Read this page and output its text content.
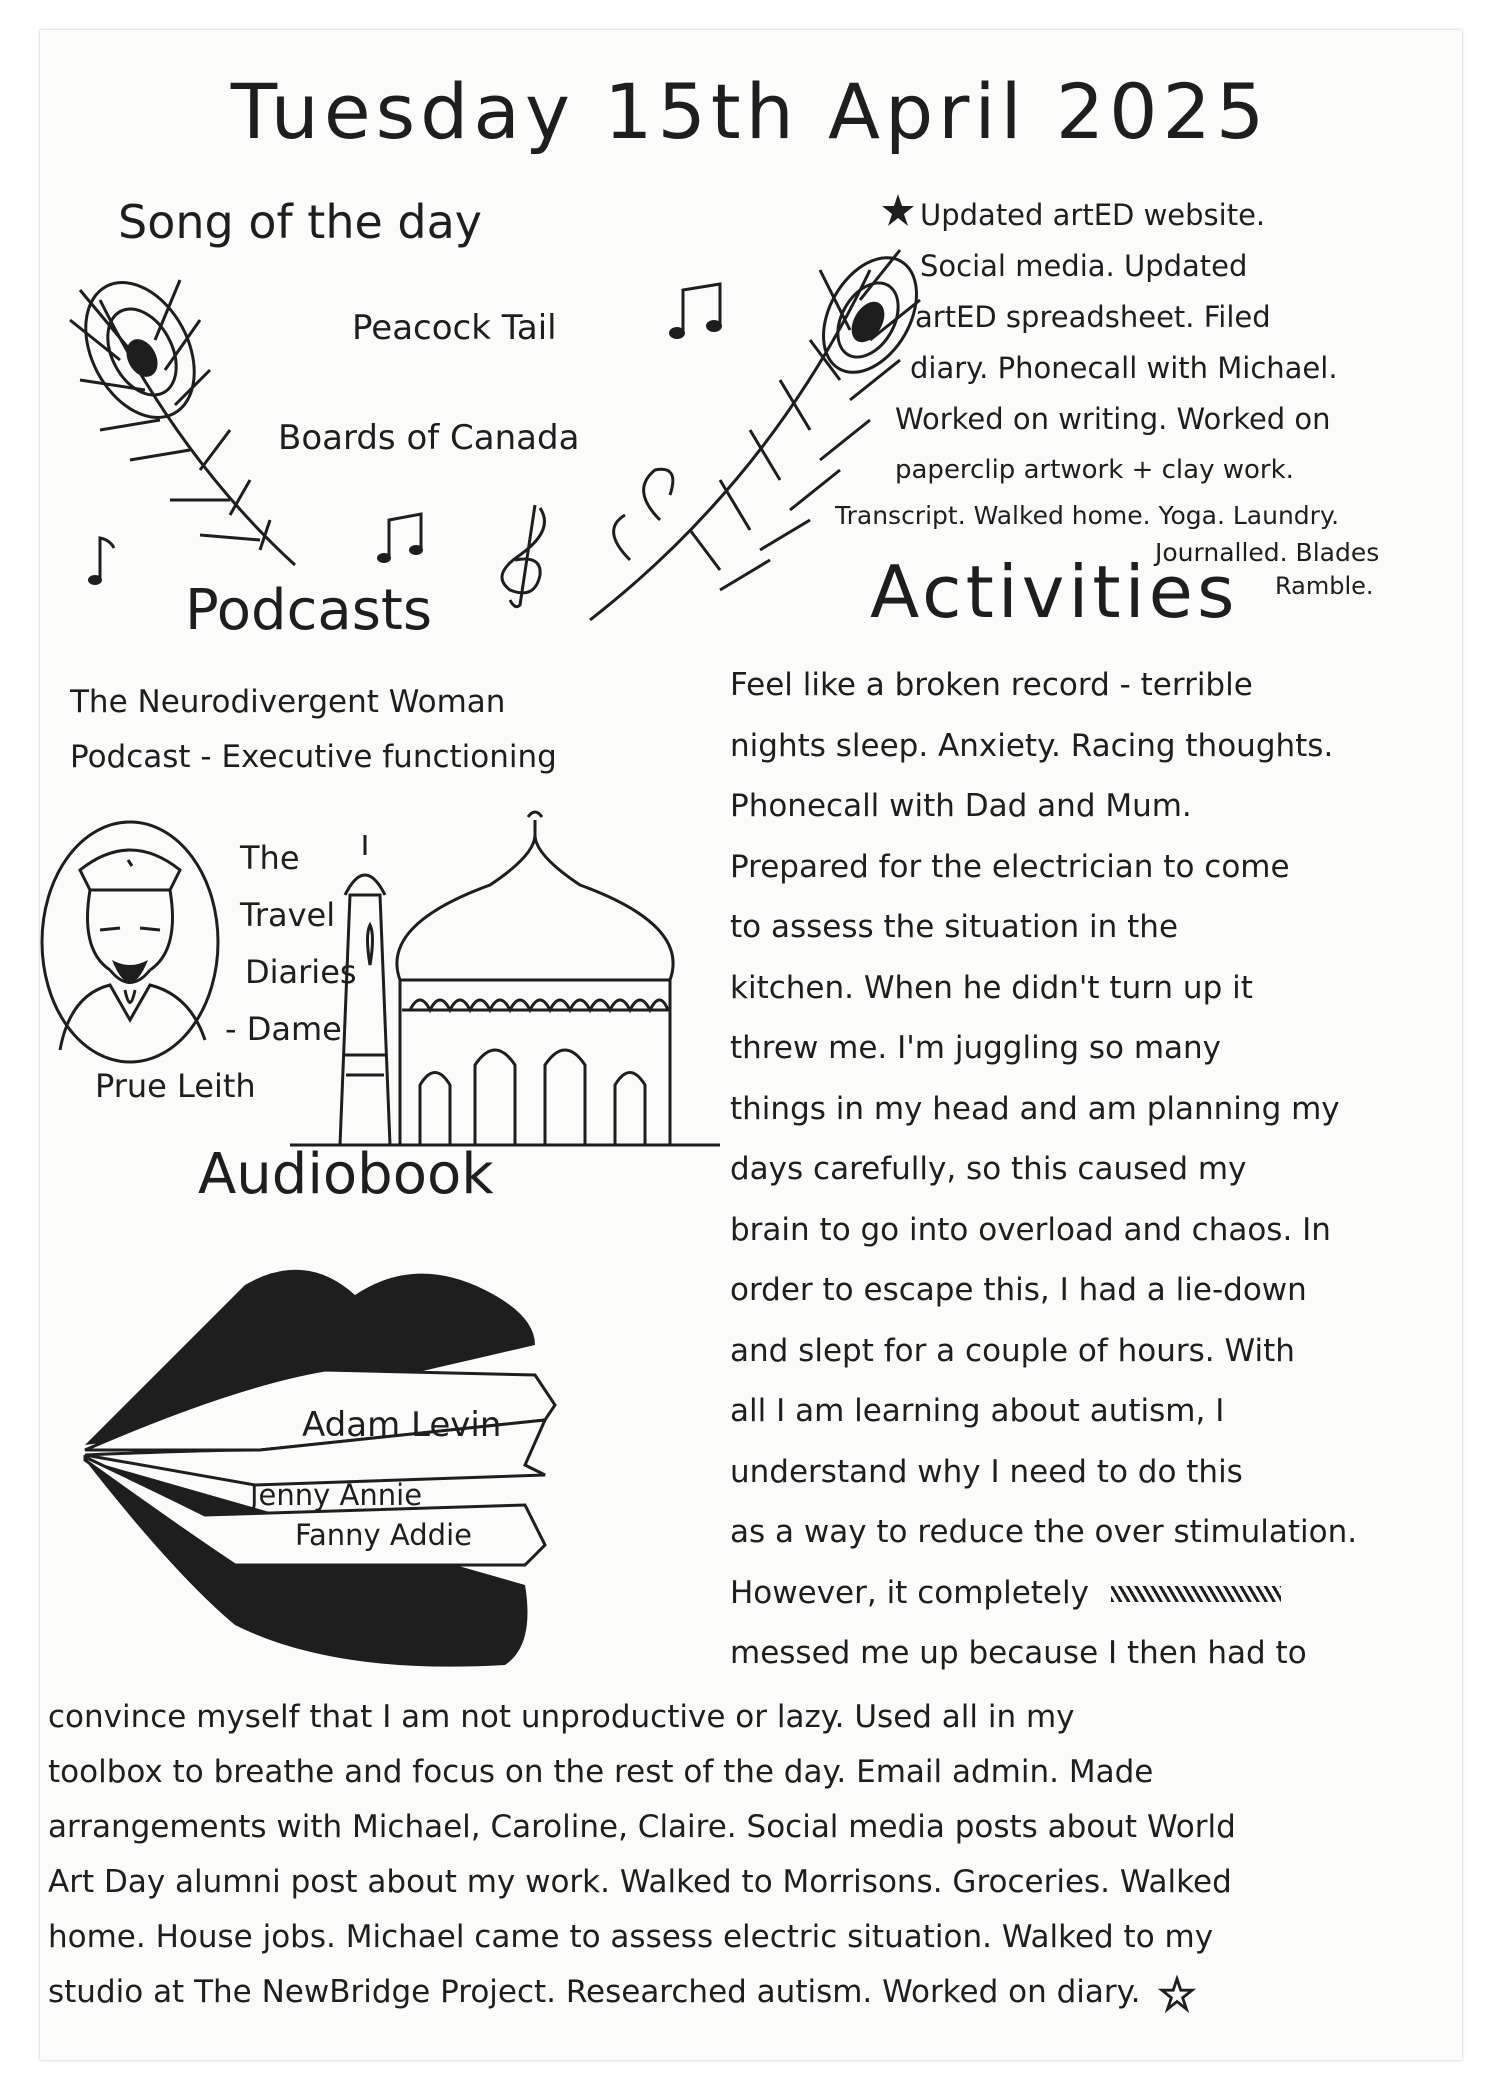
Tuesday 15th April 2025
Song of the day
Peacock Tail
Boards of Canada
Updated artED website.
Social media. Updated
artED spreadsheet. Filed
diary. Phonecall with Michael.
Worked on writing. Worked on
paperclip artwork + clay work.
Transcript. Walked home. Yoga. Laundry.
Journalled. Blades
Ramble.
Activities
Podcasts
The Neurodivergent Woman
Podcast - Executive functioning
The
Travel
Diaries
- Dame
Prue Leith
Audiobook
Adam Levin
Jenny Annie
Fanny Addie

Feel like a broken record - terrible

nights sleep. Anxiety. Racing thoughts.

Phonecall with Dad and Mum.

Prepared for the electrician to come

to assess the situation in the

kitchen. When he didn't turn up it

threw me. I'm juggling so many

things in my head and am planning my

days carefully, so this caused my

brain to go into overload and chaos. In

order to escape this, I had a lie-down

and slept for a couple of hours. With

all I am learning about autism, I

understand why I need to do this

as a way to reduce the over stimulation.

However, it completely

messed me up because I then had to

convince myself that I am not unproductive or lazy. Used all in my

toolbox to breathe and focus on the rest of the day. Email admin. Made

arrangements with Michael, Caroline, Claire. Social media posts about World

Art Day alumni post about my work. Walked to Morrisons. Groceries. Walked

home. House jobs. Michael came to assess electric situation. Walked to my

studio at The NewBridge Project. Researched autism. Worked on diary.
